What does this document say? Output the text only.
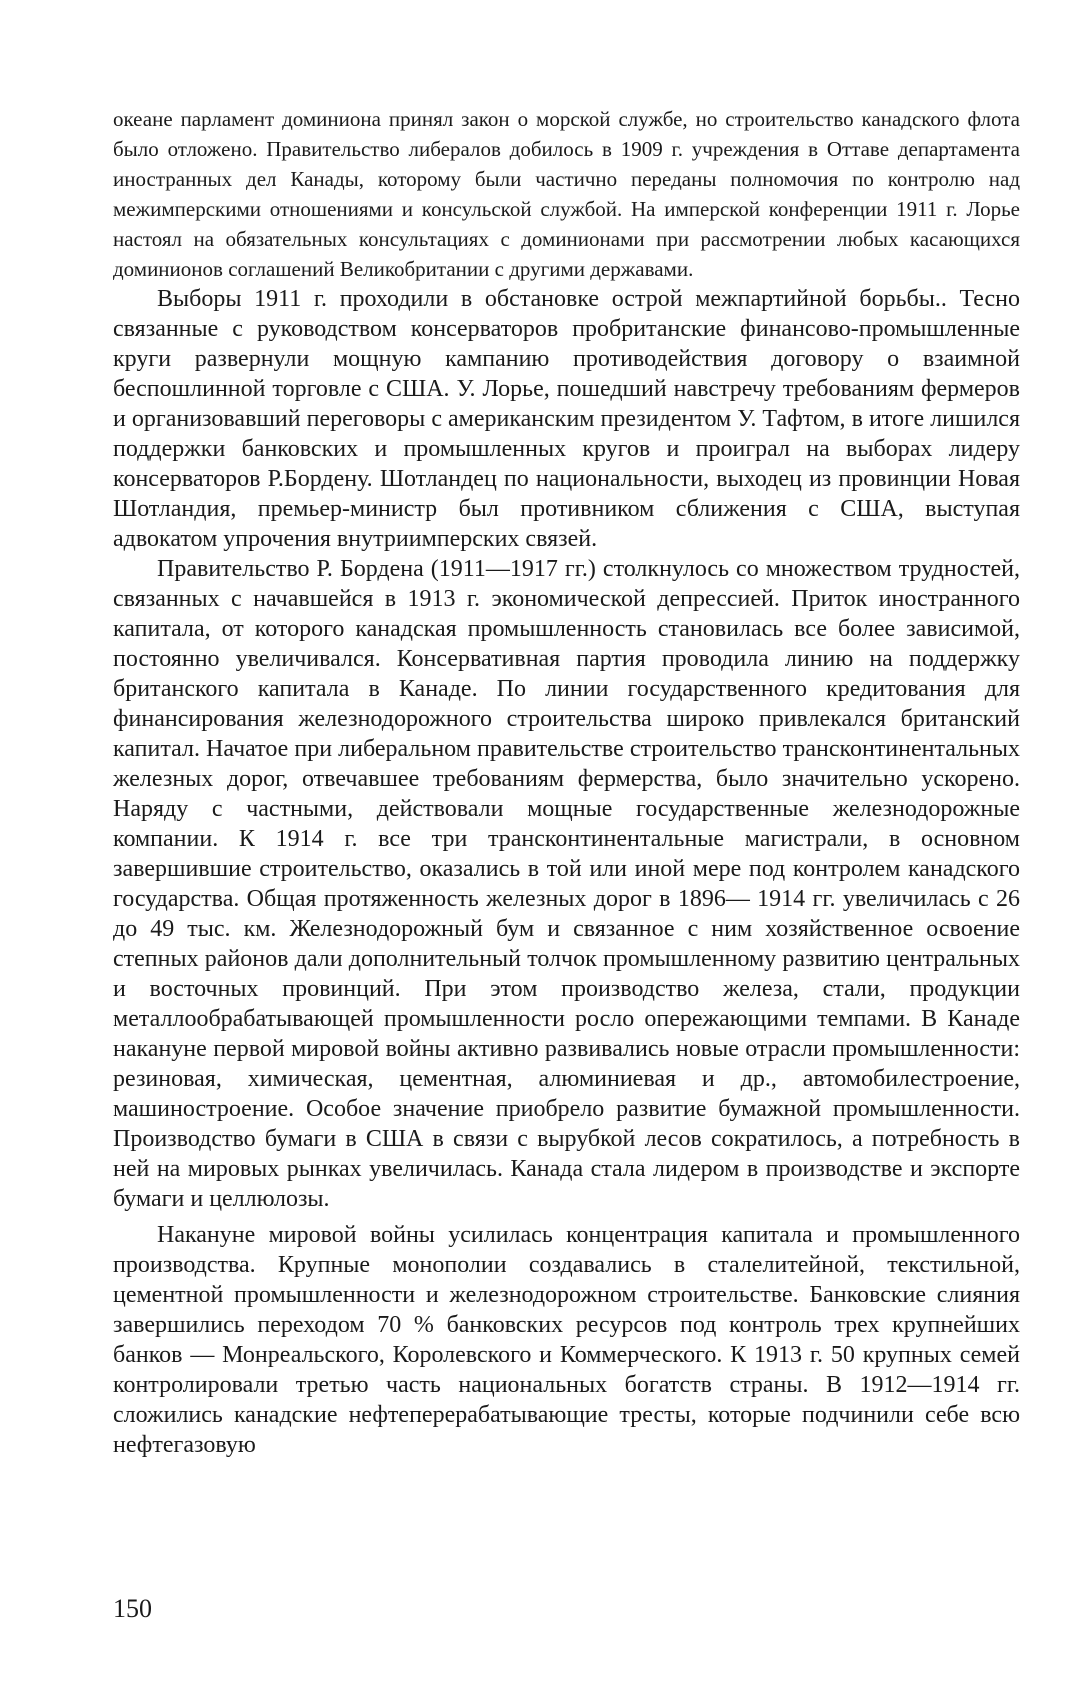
океане парламент доминиона принял закон о морской службе, но строительство канадского флота было отложено. Правительство либералов добилось в 1909 г. учреждения в Оттаве департамента иностранных дел Канады, которому были частично переданы полномочия по контролю над межимперскими отношениями и консульской службой. На имперской конференции 1911 г. Лорье настоял на обязательных консультациях с доминионами при рассмотрении любых касающихся доминионов соглашений Великобритании с другими державами.

Выборы 1911 г. проходили в обстановке острой межпартийной борьбы.. Тесно связанные с руководством консерваторов пробританские финансово-промышленные круги развернули мощную кампанию противодействия договору о взаимной беспошлинной торговле с США. У. Лорье, пошедший навстречу требованиям фермеров и организовавший переговоры с американским президентом У. Тафтом, в итоге лишился поддержки банковских и промышленных кругов и проиграл на выборах лидеру консерваторов Р.Бордену. Шотландец по национальности, выходец из провинции Новая Шотландия, премьер-министр был противником сближения с США, выступая адвокатом упрочения внутриимперских связей.

Правительство Р. Бордена (1911—1917 гг.) столкнулось со множеством трудностей, связанных с начавшейся в 1913 г. экономической депрессией. Приток иностранного капитала, от которого канадская промышленность становилась все более зависимой, постоянно увеличивался. Консервативная партия проводила линию на поддержку британского капитала в Канаде. По линии государственного кредитования для финансирования железнодорожного строительства широко привлекался британский капитал. Начатое при либеральном правительстве строительство трансконтинентальных железных дорог, отвечавшее требованиям фермерства, было значительно ускорено. Наряду с частными, действовали мощные государственные железнодорожные компании. К 1914 г. все три трансконтинентальные магистрали, в основном завершившие строительство, оказались в той или иной мере под контролем канадского государства. Общая протяженность железных дорог в 1896— 1914 гг. увеличилась с 26 до 49 тыс. км. Железнодорожный бум и связанное с ним хозяйственное освоение степных районов дали дополнительный толчок промышленному развитию центральных и восточных провинций. При этом производство железа, стали, продукции металлообрабатывающей промышленности росло опережающими темпами. В Канаде накануне первой мировой войны активно развивались новые отрасли промышленности: резиновая, химическая, цементная, алюминиевая и др., автомобилестроение, машиностроение. Особое значение приобрело развитие бумажной промышленности. Производство бумаги в США в связи с вырубкой лесов сократилось, а потребность в ней на мировых рынках увеличилась. Канада стала лидером в производстве и экспорте бумаги и целлюлозы.

Накануне мировой войны усилилась концентрация капитала и промышленного производства. Крупные монополии создавались в сталелитейной, текстильной, цементной промышленности и железнодорожном строительстве. Банковские слияния завершились переходом 70 % банковских ресурсов под контроль трех крупнейших банков — Монреальского, Королевского и Коммерческого. К 1913 г. 50 крупных семей контролировали третью часть национальных богатств страны. В 1912—1914 гг. сложились канадские нефтеперерабатывающие тресты, которые подчинили себе всю нефтегазовую

150
